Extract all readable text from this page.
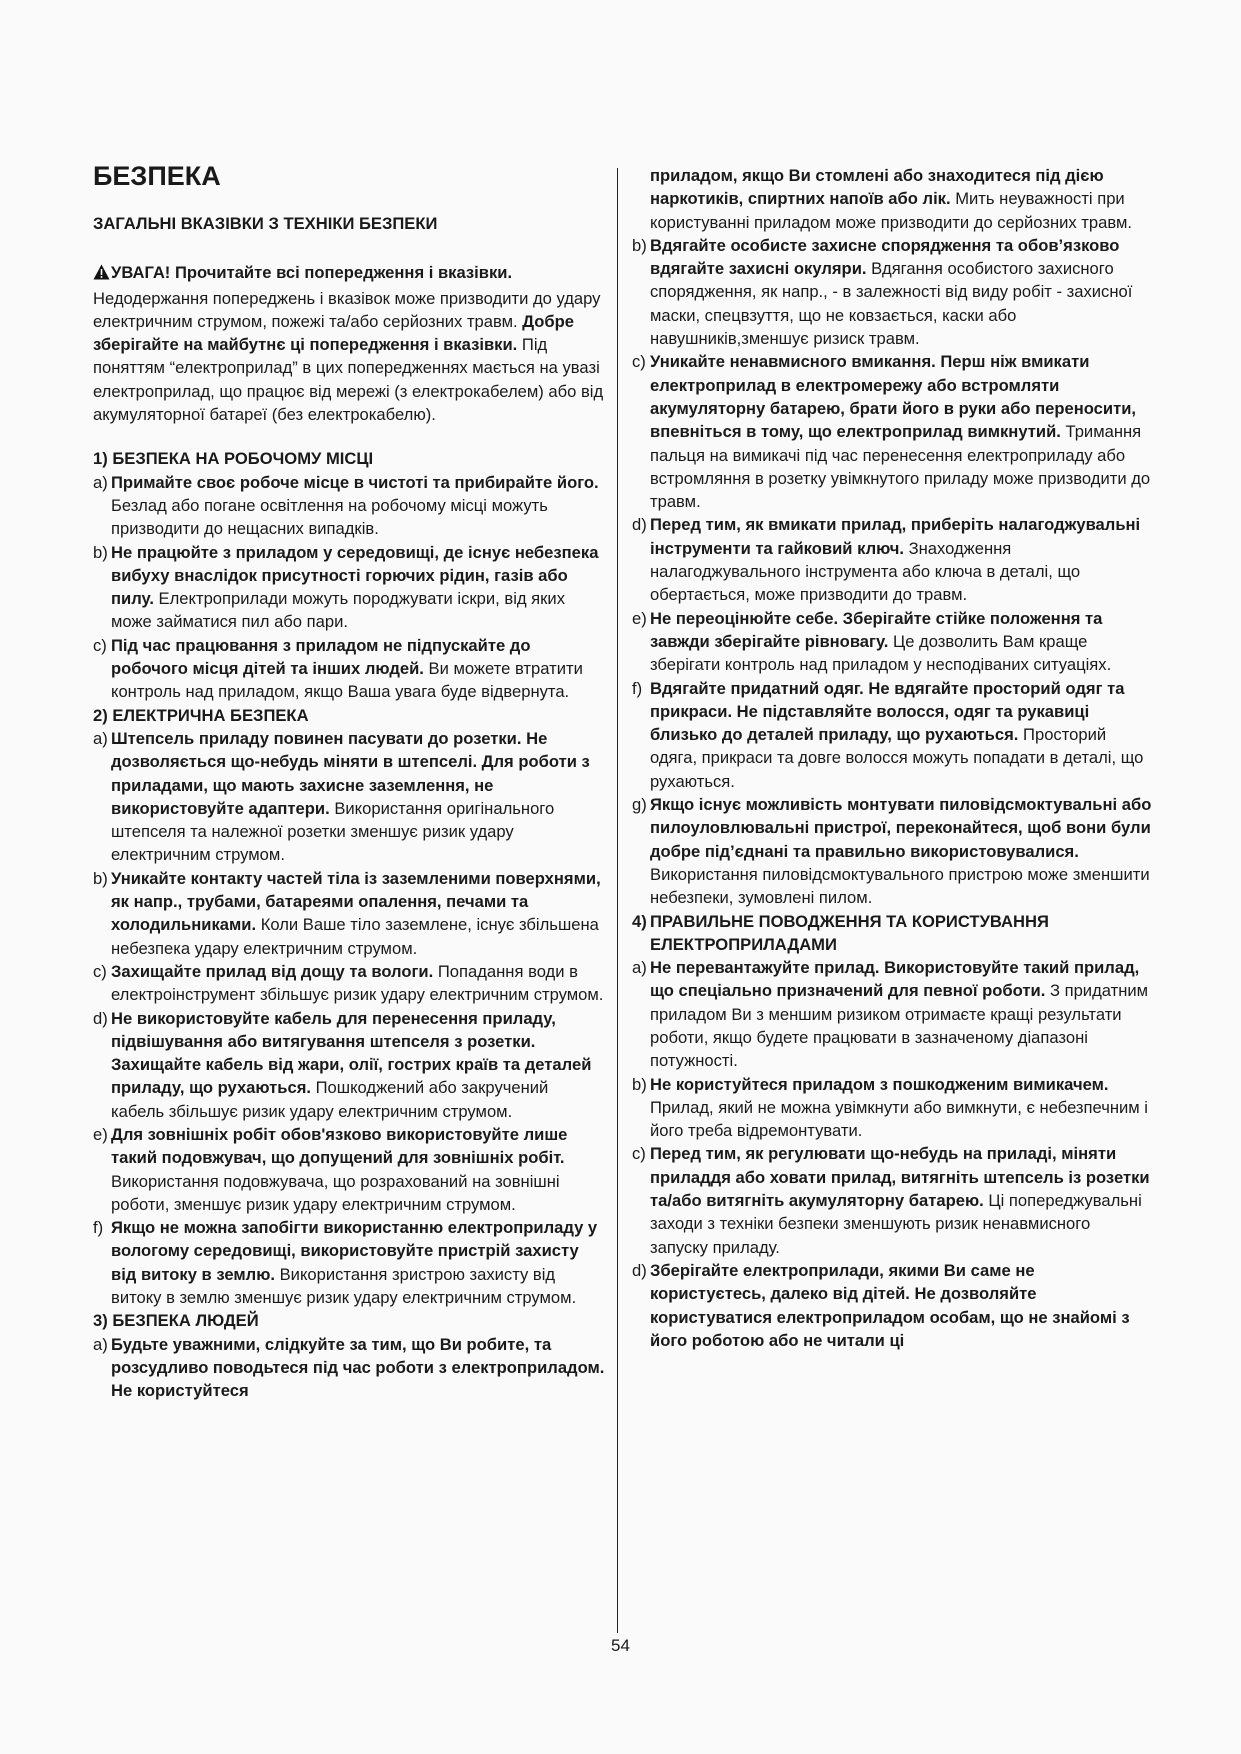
БЕЗПЕКА

ЗАГАЛЬНІ ВКАЗІВКИ З ТЕХНІКИ БЕЗПЕКИ

УВАГА! Прочитайте всі попередження і вказівки. Недодержання попереджень і вказівок може призводити до удару електричним струмом, пожежі та/або серйозних травм. Добре зберігайте на майбутнє ці попередження і вказівки. Під поняттям “електроприлад” в цих попередженнях мається на увазі електроприлад, що працює від мережі (з електрокабелем) або від акумуляторної батареї (без електрокабелю).

1) БЕЗПЕКА НА РОБОЧОМУ МІСЦІ

a) Примайте своє робоче місце в чистоті та прибирайте його. Безлад або погане освітлення на робочому місці можуть призводити до нещасних випадків.
b) Не працюйте з приладом у середовищі, де існує небезпека вибуху внаслідок присутності горючих рідин, газів або пилу. Електроприлади можуть породжувати іскри, від яких може займатися пил або пари.
c) Під час працювання з приладом не підпускайте до робочого місця дітей та інших людей. Ви можете втратити контроль над приладом, якщо Ваша увага буде відвернута.

2) ЕЛЕКТРИЧНА БЕЗПЕКА

a) Штепсель приладу повинен пасувати до розетки. Не дозволяється що-небудь міняти в штепселі. Для роботи з приладами, що мають захисне заземлення, не використовуйте адаптери. Використання оригінального штепселя та належної розетки зменшує ризик удару електричним струмом.
b) Уникайте контакту частей тіла із заземленими поверхнями, як напр., трубами, батареями опалення, печами та холодильниками. Коли Ваше тіло заземлене, існує збільшена небезпека удару електричним струмом.
c) Захищайте прилад від дощу та вологи. Попадання води в електроінструмент збільшує ризик удару електричним струмом.
d) Не використовуйте кабель для перенесення приладу, підвішування або витягування штепселя з розетки. Захищайте кабель від жари, олії, гострих країв та деталей приладу, що рухаються. Пошкоджений або закручений кабель збільшує ризик удару електричним струмом.
e) Для зовнішніх робіт обов'язково використовуйте лише такий подовжувач, що допущений для зовнішніх робіт. Використання подовжувача, що розрахований на зовнішні роботи, зменшує ризик удару електричним струмом.
f) Якщо не можна запобігти використанню електроприладу у вологому середовищі, використовуйте пристрій захисту від витоку в землю. Використання зристрою захисту від витоку в землю зменшує ризик удару електричним струмом.

3) БЕЗПЕКА ЛЮДЕЙ

a) Будьте уважними, слідкуйте за тим, що Ви робите, та розсудливо поводьтеся під час роботи з електроприладом. Не користуйтеся
приладом, якщо Ви стомлені або знаходитеся під дією наркотиків, спиртних напоїв або лік. Мить неуважності при користуванні приладом може призводити до серйозних травм.
b) Вдягайте особисте захисне спорядження та обов’язково вдягайте захисні окуляри. Вдягання особистого захисного спорядження, як напр., - в залежності від виду робіт - захисної маски, спецвзуття, що не ковзається, каски або навушників,зменшує ризиск травм.
c) Уникайте ненавмисного вмикання. Перш ніж вмикати електроприлад в електромережу або встромляти акумуляторну батарею, брати його в руки або переносити, впевніться в тому, що електроприлад вимкнутий. Тримання пальця на вимикачі під час перенесення електроприладу або встромляння в розетку увімкнутого приладу може призводити до травм.
d) Перед тим, як вмикати прилад, приберіть налагоджувальні інструменти та гайковий ключ. Знаходження налагоджувального інструмента або ключа в деталі, що обертається, може призводити до травм.
e) Не переоцінюйте себе. Зберігайте стійке положення та завжди зберігайте рівновагу. Це дозволить Вам краще зберігати контроль над приладом у несподіваних ситуаціях.
f) Вдягайте придатний одяг. Не вдягайте просторий одяг та прикраси. Не підставляйте волосся, одяг та рукавиці близько до деталей приладу, що рухаються. Просторий одяга, прикраси та довге волосся можуть попадати в деталі, що рухаються.
g) Якщо існує можливість монтувати пиловідсмоктувальні або пилоуловлювальні пристрої, переконайтеся, щоб вони були добре під’єднані та правильно використовувалися. Використання пиловідсмоктувального пристрою може зменшити небезпеки, зумовлені пилом.
4) ПРАВИЛЬНЕ ПОВОДЖЕННЯ ТА КОРИСТУВАННЯ ЕЛЕКТРОПРИЛАДАМИ
a) Не перевантажуйте прилад. Використовуйте такий прилад, що спеціально призначений для певної роботи. З придатним приладом Ви з меншим ризиком отримаєте кращі результати роботи, якщо будете працювати в зазначеному діапазоні потужності.
b) Не користуйтеся приладом з пошкодженим вимикачем. Прилад, який не можна увімкнути або вимкнути, є небезпечним і його треба відремонтувати.
c) Перед тим, як регулювати що-небудь на приладі, міняти приладдя або ховати прилад, витягніть штепсель із розетки та/або витягніть акумуляторну батарею. Ці попереджувальні заходи з техніки безпеки зменшують ризик ненавмисного запуску приладу.
d) Зберігайте електроприлади, якими Ви саме не користуєтесь, далеко від дітей. Не дозволяйте користуватися електроприладом особам, що не знайомі з його роботою або не читали ці
54
